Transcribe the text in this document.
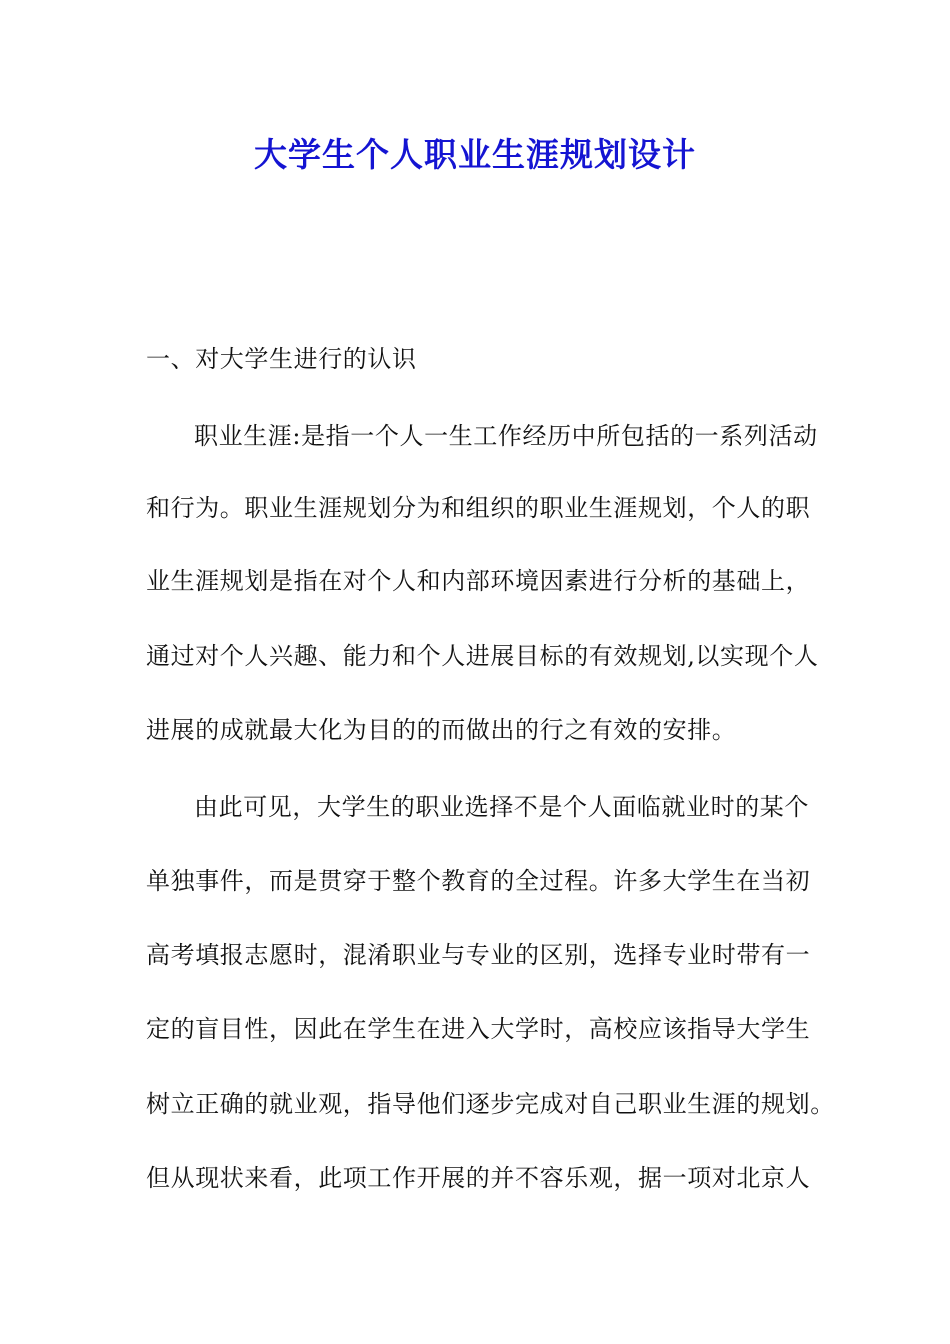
大学生个人职业生涯规划设计
一、对大学生进行的认识
职业生涯:是指一个人一生工作经历中所包括的一系列活动
和行为。职业生涯规划分为和组织的职业生涯规划，个人的职
业生涯规划是指在对个人和内部环境因素进行分析的基础上，
通过对个人兴趣、能力和个人进展目标的有效规划,以实现个人
进展的成就最大化为目的的而做出的行之有效的安排。
由此可见，大学生的职业选择不是个人面临就业时的某个
单独事件，而是贯穿于整个教育的全过程。许多大学生在当初
高考填报志愿时，混淆职业与专业的区别，选择专业时带有一
定的盲目性，因此在学生在进入大学时，高校应该指导大学生
树立正确的就业观，指导他们逐步完成对自己职业生涯的规划。
但从现状来看，此项工作开展的并不容乐观，据一项对北京人
